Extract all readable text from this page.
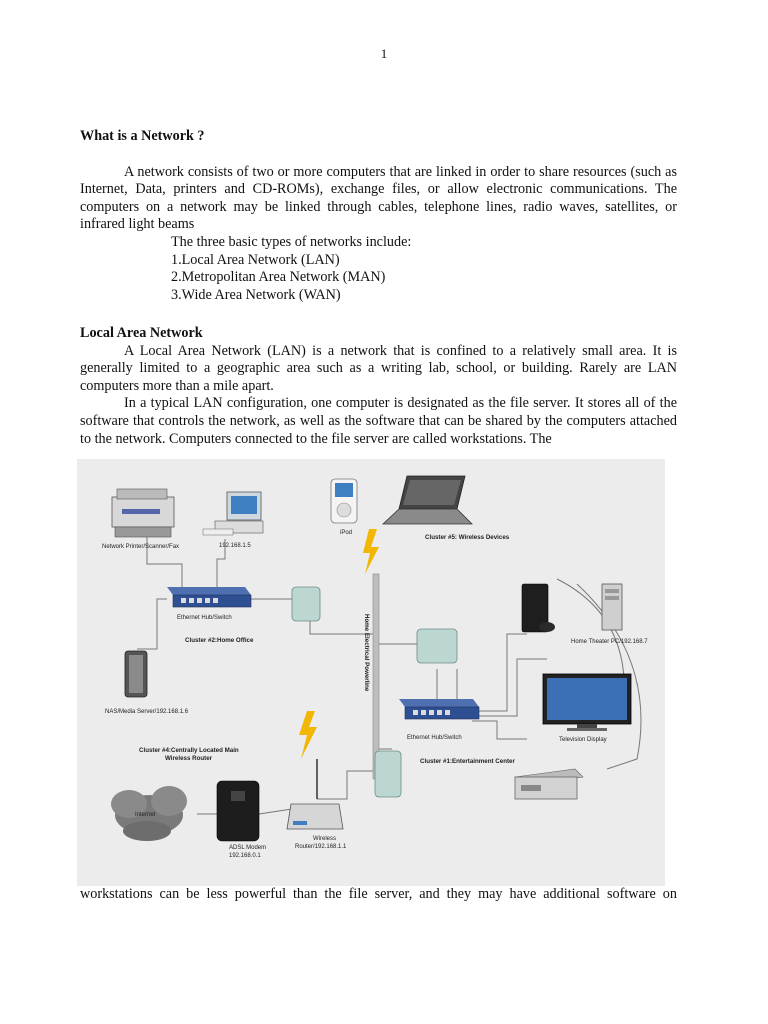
1
What is a Network ?

A network consists of two or more computers that are linked in order to share resources (such as Internet, Data, printers and CD-ROMs), exchange files, or allow electronic communications. The computers on a network may be linked through cables, telephone lines, radio waves, satellites, or infrared light beams

The three basic types of networks include:
1.Local Area Network (LAN)
2.Metropolitan Area Network (MAN)
3.Wide Area Network (WAN)
Local Area Network

A Local Area Network (LAN) is a network that is confined to a relatively small area. It is generally limited to a geographic area such as a writing lab, school, or building. Rarely are LAN computers more than a mile apart.

In a typical LAN configuration, one computer is designated as the file server. It stores all of the software that controls the network, as well as the software that can be shared by the computers attached to the network. Computers connected to the file server are called workstations. The

Home Electrical Powerline
Network Printer/Scanner/Fax	192.168.1.5
iPod
Cluster #5: Wireless Devices
Ethernet Hub/Switch
Cluster #2:Home Office
NAS/Media Server/192.168.1.6
Home Theater PC/192.168.7
Television Display
Ethernet Hub/Switch
Cluster #1:Entertainment Center
Cluster #4:Centrally Located Main
Wireless Router
Internet
ADSL Modem
192.168.0.1
Wireless
Router/192.168.1.1
workstations can be less powerful than the file server, and they may have additional software on
